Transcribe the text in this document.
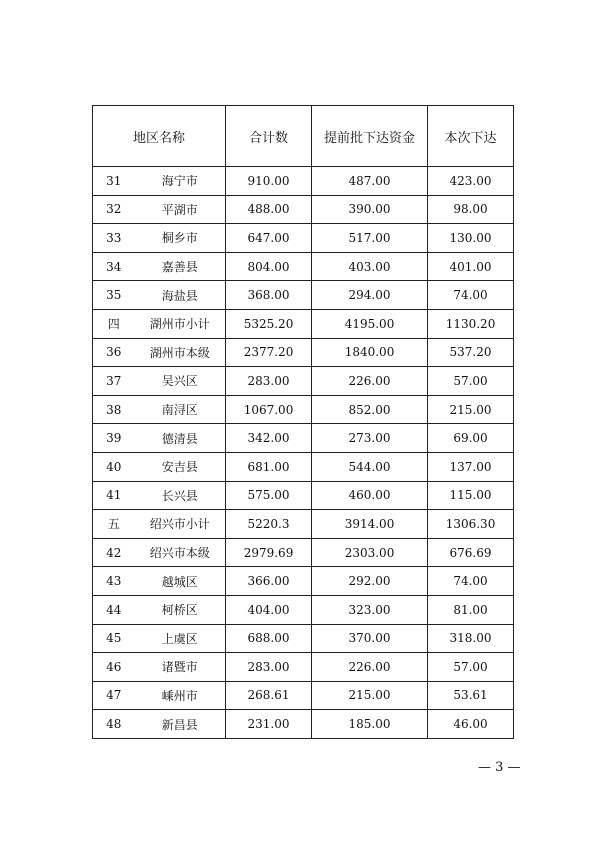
地区名称		合计数	提前批下达资金	本次下达
31	海宁市	910.00	487.00	423.00
32	平湖市	488.00	390.00	98.00
33	桐乡市	647.00	517.00	130.00
34	嘉善县	804.00	403.00	401.00
35	海盐县	368.00	294.00	74.00
四	湖州市小计	5325.20	4195.00	1130.20
36	湖州市本级	2377.20	1840.00	537.20
37	吴兴区	283.00	226.00	57.00
38	南浔区	1067.00	852.00	215.00
39	德清县	342.00	273.00	69.00
40	安吉县	681.00	544.00	137.00
41	长兴县	575.00	460.00	115.00
五	绍兴市小计	5220.3	3914.00	1306.30
42	绍兴市本级	2979.69	2303.00	676.69
43	越城区	366.00	292.00	74.00
44	柯桥区	404.00	323.00	81.00
45	上虞区	688.00	370.00	318.00
46	诸暨市	283.00	226.00	57.00
47	嵊州市	268.61	215.00	53.61
48	新昌县	231.00	185.00	46.00
— 3 —
